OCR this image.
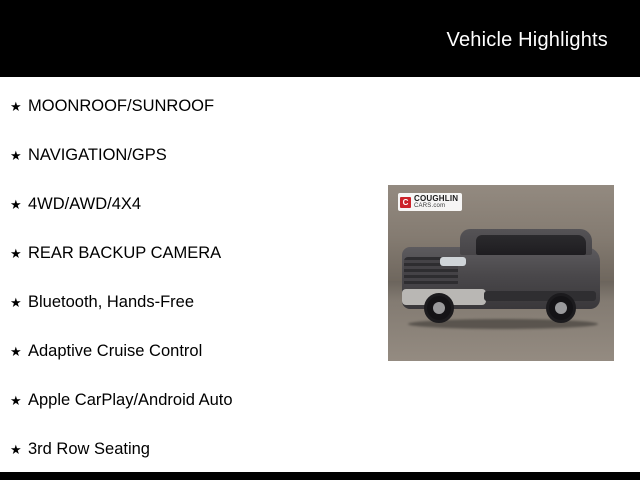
Vehicle Highlights
★ MOONROOF/SUNROOF
★ NAVIGATION/GPS
★ 4WD/AWD/4X4
★ REAR BACKUP CAMERA
★ Bluetooth, Hands-Free
★ Adaptive Cruise Control
★ Apple CarPlay/Android Auto
★ 3rd Row Seating
C COUGHLIN
CARS.com
